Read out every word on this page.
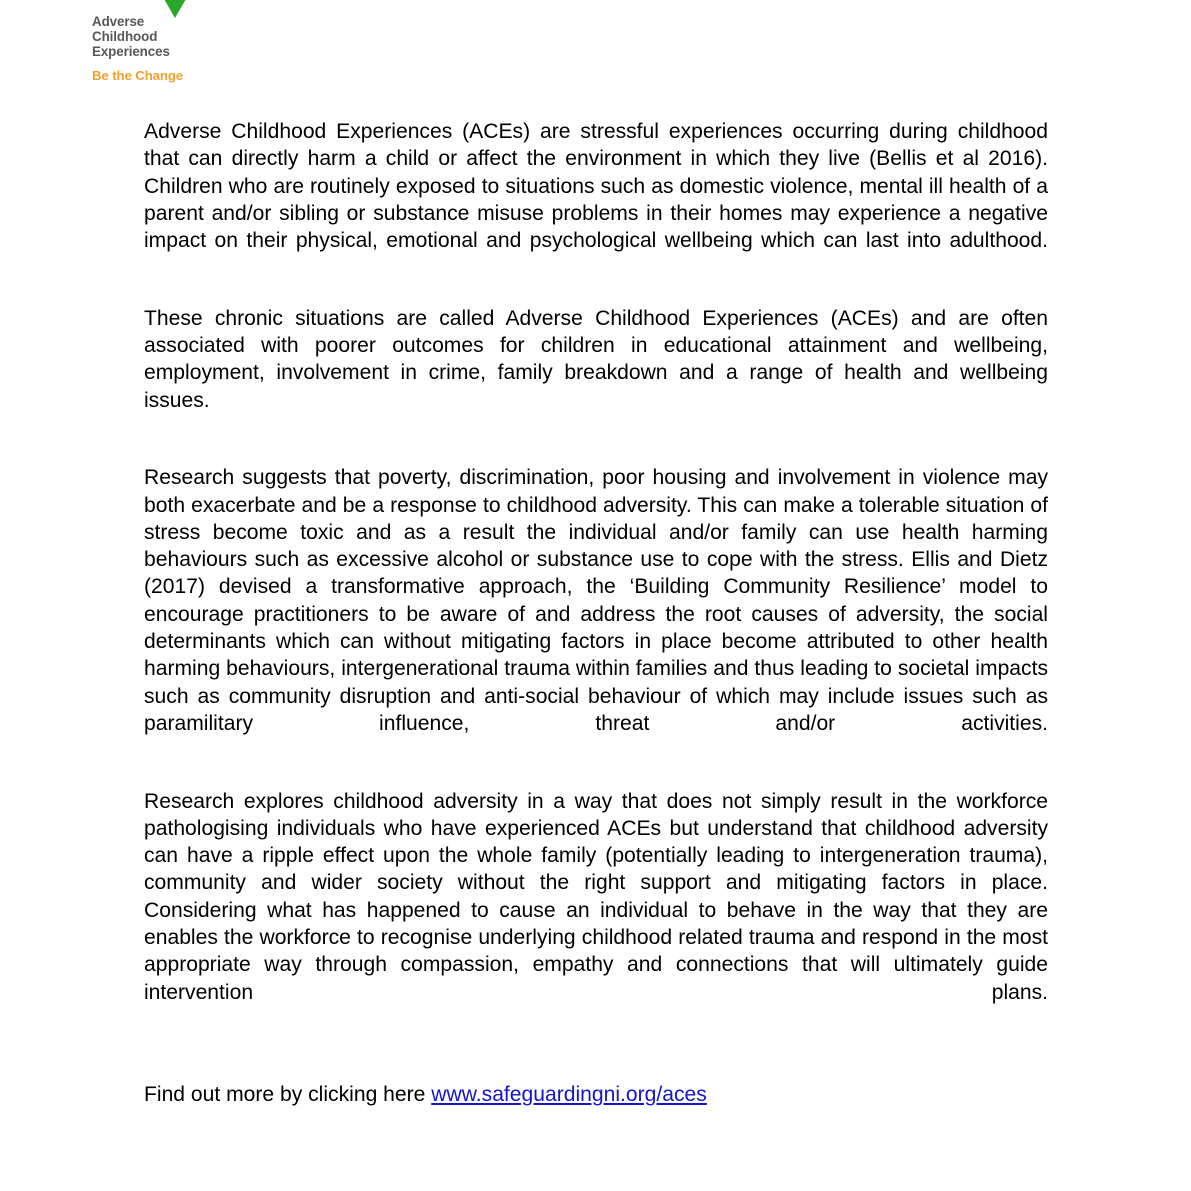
Adverse
Childhood
Experiences
Be the Change

Adverse Childhood Experiences (ACEs) are stressful experiences occurring during childhood that can directly harm a child or affect the environment in which they live (Bellis et al 2016). Children who are routinely exposed to situations such as domestic violence, mental ill health of a parent and/or sibling or substance misuse problems in their homes may experience a negative impact on their physical, emotional and psychological wellbeing which can last into adulthood.

These chronic situations are called Adverse Childhood Experiences (ACEs) and are often associated with poorer outcomes for children in educational attainment and wellbeing, employment, involvement in crime, family breakdown and a range of health and wellbeing issues.

Research suggests that poverty, discrimination, poor housing and involvement in violence may both exacerbate and be a response to childhood adversity. This can make a tolerable situation of stress become toxic and as a result the individual and/or family can use health harming behaviours such as excessive alcohol or substance use to cope with the stress. Ellis and Dietz (2017) devised a transformative approach, the ‘Building Community Resilience’ model to encourage practitioners to be aware of and address the root causes of adversity, the social determinants which can without mitigating factors in place become attributed to other health harming behaviours, intergenerational trauma within families and thus leading to societal impacts such as community disruption and anti-social behaviour of which may include issues such as paramilitary influence, threat and/or activities.

Research explores childhood adversity in a way that does not simply result in the workforce pathologising individuals who have experienced ACEs but understand that childhood adversity can have a ripple effect upon the whole family (potentially leading to intergeneration trauma), community and wider society without the right support and mitigating factors in place. Considering what has happened to cause an individual to behave in the way that they are enables the workforce to recognise underlying childhood related trauma and respond in the most appropriate way through compassion, empathy and connections that will ultimately guide intervention plans.

Find out more by clicking here www.safeguardingni.org/aces
